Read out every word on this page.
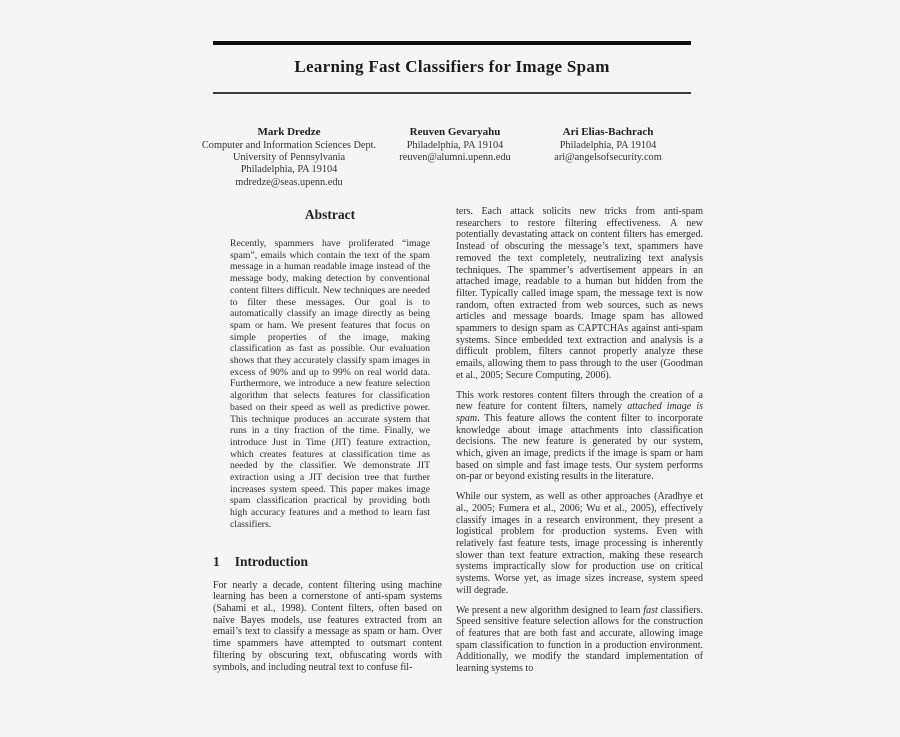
Learning Fast Classifiers for Image Spam
Mark Dredze
Computer and Information Sciences Dept.
University of Pennsylvania
Philadelphia, PA 19104
mdredze@seas.upenn.edu
Reuven Gevaryahu
Philadelphia, PA 19104
reuven@alumni.upenn.edu
Ari Elias-Bachrach
Philadelphia, PA 19104
ari@angelsofsecurity.com
Abstract

Recently, spammers have proliferated “image spam”, emails which contain the text of the spam message in a human readable image instead of the message body, making detection by conventional content filters difficult. New techniques are needed to filter these messages. Our goal is to automatically classify an image directly as being spam or ham. We present features that focus on simple properties of the image, making classification as fast as possible. Our evaluation shows that they accurately classify spam images in excess of 90% and up to 99% on real world data. Furthermore, we introduce a new feature selection algorithm that selects features for classification based on their speed as well as predictive power. This technique produces an accurate system that runs in a tiny fraction of the time. Finally, we introduce Just in Time (JIT) feature extraction, which creates features at classification time as needed by the classifier. We demonstrate JIT extraction using a JIT decision tree that further increases system speed. This paper makes image spam classification practical by providing both high accuracy features and a method to learn fast classifiers.

1 Introduction

For nearly a decade, content filtering using machine learning has been a cornerstone of anti-spam systems (Sahami et al., 1998). Content filters, often based on naïve Bayes models, use features extracted from an email’s text to classify a message as spam or ham. Over time spammers have attempted to outsmart content filtering by obscuring text, obfuscating words with symbols, and including neutral text to confuse fil-

ters. Each attack solicits new tricks from anti-spam researchers to restore filtering effectiveness. A new potentially devastating attack on content filters has emerged. Instead of obscuring the message’s text, spammers have removed the text completely, neutralizing text analysis techniques. The spammer’s advertisement appears in an attached image, readable to a human but hidden from the filter. Typically called image spam, the message text is now random, often extracted from web sources, such as news articles and message boards. Image spam has allowed spammers to design spam as CAPTCHAs against anti-spam systems. Since embedded text extraction and analysis is a difficult problem, filters cannot properly analyze these emails, allowing them to pass through to the user (Goodman et al., 2005; Secure Computing, 2006).

This work restores content filters through the creation of a new feature for content filters, namely attached image is spam. This feature allows the content filter to incorporate knowledge about image attachments into classification decisions. The new feature is generated by our system, which, given an image, predicts if the image is spam or ham based on simple and fast image tests. Our system performs on-par or beyond existing results in the literature.

While our system, as well as other approaches (Aradhye et al., 2005; Fumera et al., 2006; Wu et al., 2005), effectively classify images in a research environment, they present a logistical problem for production systems. Even with relatively fast feature tests, image processing is inherently slower than text feature extraction, making these research systems impractically slow for production use on critical systems. Worse yet, as image sizes increase, system speed will degrade.

We present a new algorithm designed to learn fast classifiers. Speed sensitive feature selection allows for the construction of features that are both fast and accurate, allowing image spam classification to function in a production environment. Additionally, we modify the standard implementation of learning systems to
